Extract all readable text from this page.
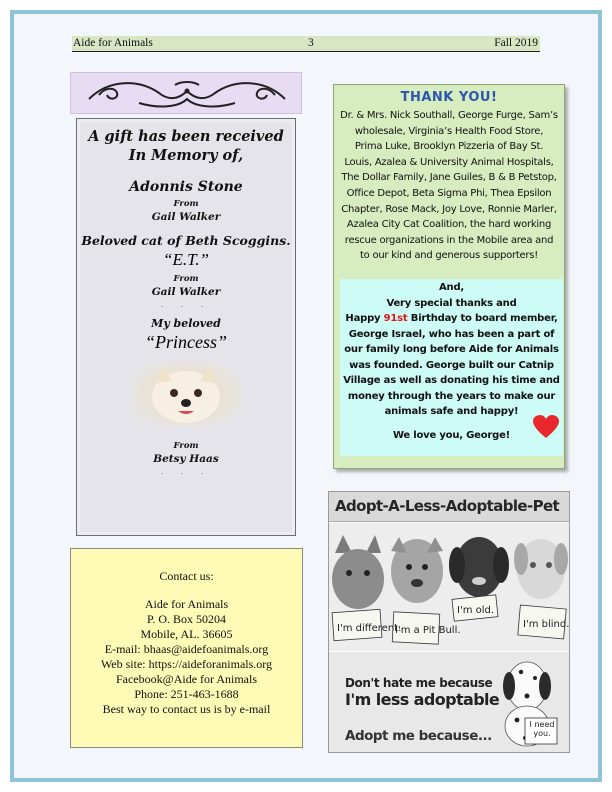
Aide for Animals	3	Fall 2019
A gift has been received
In Memory of,
Adonnis Stone
From
Gail Walker
Beloved cat of Beth Scoggins.
“E.T.”
From
Gail Walker
. . .
My beloved
“Princess”
From
Betsy Haas
. . .
Contact us:
Aide for Animals
P. O. Box 50204
Mobile, AL. 36605
E-mail: bhaas@aidefoanimals.org
Web site: https://aideforanimals.org
Facebook@Aide for Animals
Phone: 251-463-1688
Best way to contact us is by e-mail
THANK YOU!
Dr. & Mrs. Nick Southall, George Furge, Sam’s wholesale, Virginia’s Health Food Store, Prima Luke, Brooklyn Pizzeria of Bay St. Louis, Azalea & University Animal Hospitals, The Dollar Family, Jane Guiles, B & B Petstop, Office Depot, Beta Sigma Phi, Thea Epsilon Chapter, Rose Mack, Joy Love, Ronnie Marler, Azalea City Cat Coalition, the hard working rescue organizations in the Mobile area and to our kind and generous supporters!
And,
Very special thanks and
Happy 91st Birthday to board member, George Israel, who has been a part of our family long before Aide for Animals was founded. George built our Catnip Village as well as donating his time and money through the years to make our animals safe and happy!
We love you, George!
Adopt-A-Less-Adoptable-Pet
I'm different.
I'm a Pit Bull.
I'm old.
I'm blind.
Don't hate me because
I'm less adoptable
Adopt me because...
I need you.
